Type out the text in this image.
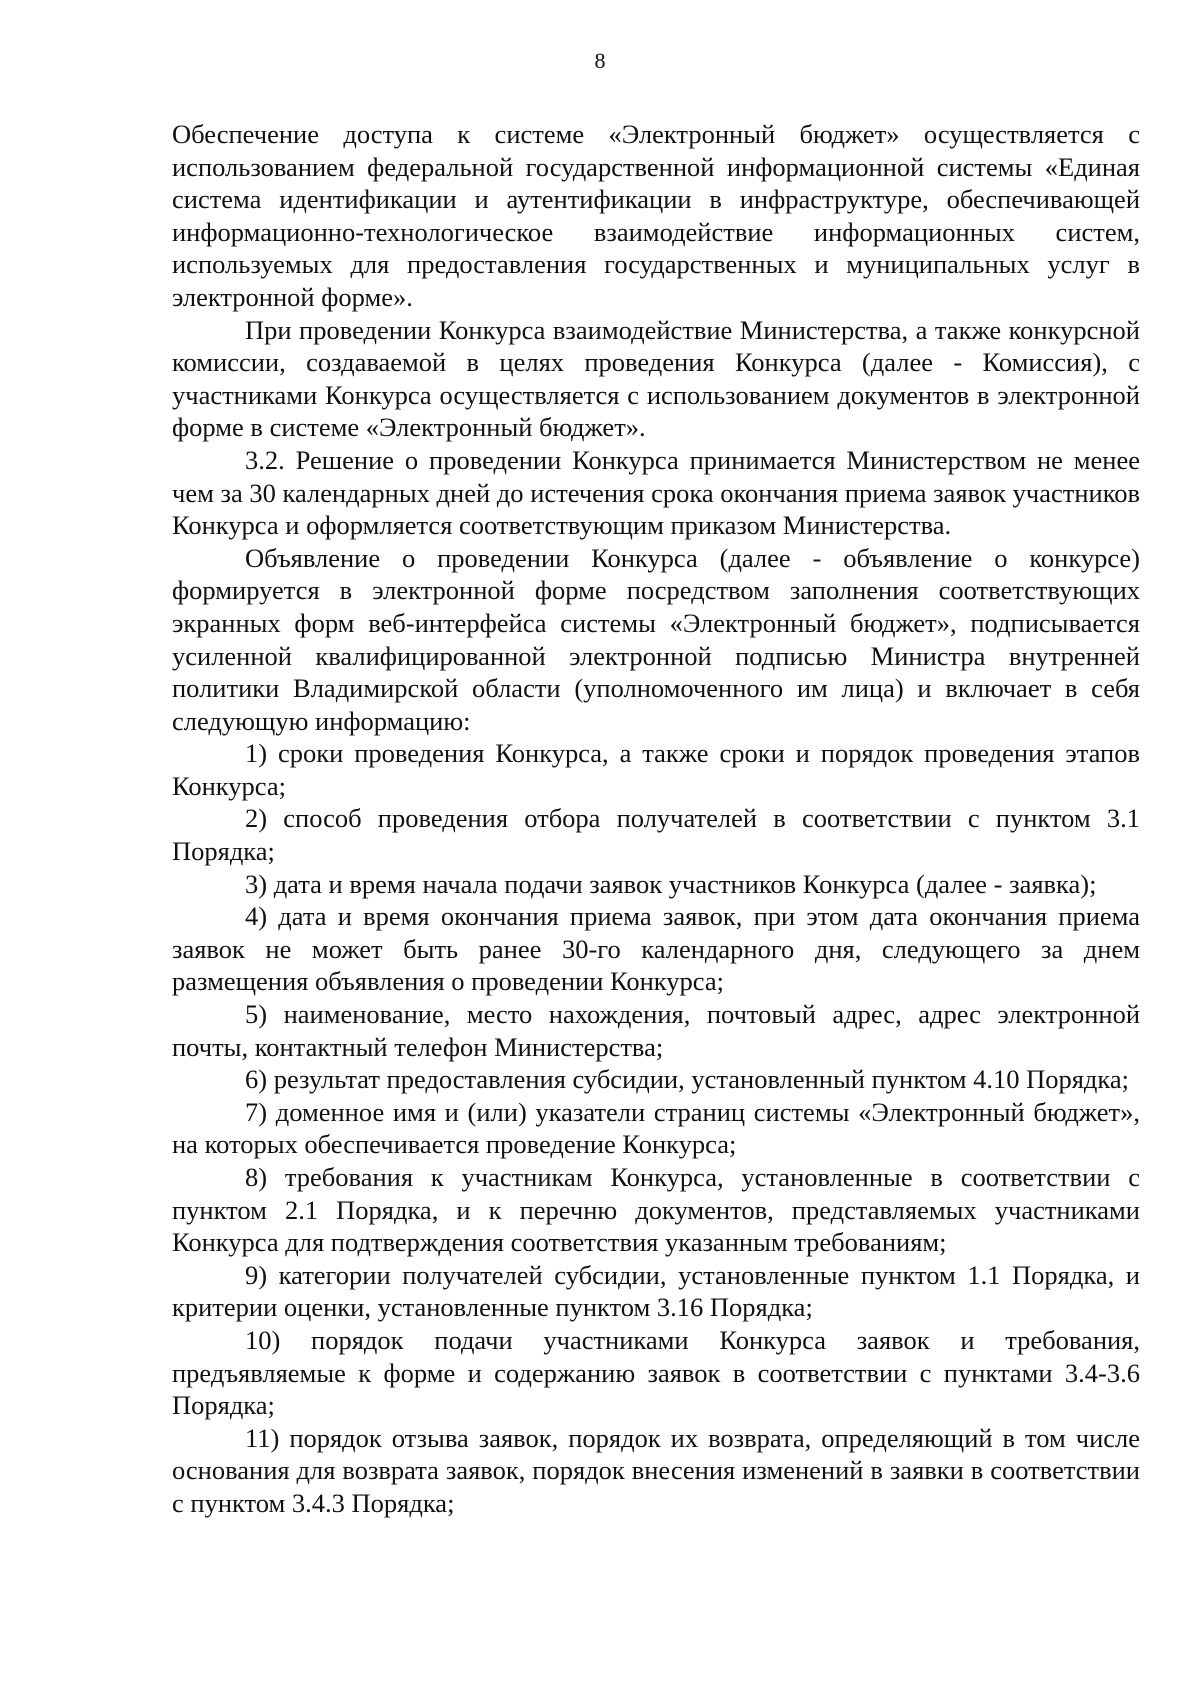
8

Обеспечение доступа к системе «Электронный бюджет» осуществляется с использованием федеральной государственной информационной системы «Единая система идентификации и аутентификации в инфраструктуре, обеспечивающей информационно-технологическое взаимодействие информационных систем, используемых для предоставления государственных и муниципальных услуг в электронной форме».

При проведении Конкурса взаимодействие Министерства, а также конкурсной комиссии, создаваемой в целях проведения Конкурса (далее - Комиссия), с участниками Конкурса осуществляется с использованием документов в электронной форме в системе «Электронный бюджет».

3.2. Решение о проведении Конкурса принимается Министерством не менее чем за 30 календарных дней до истечения срока окончания приема заявок участников Конкурса и оформляется соответствующим приказом Министерства.

Объявление о проведении Конкурса (далее - объявление о конкурсе) формируется в электронной форме посредством заполнения соответствующих экранных форм веб-интерфейса системы «Электронный бюджет», подписывается усиленной квалифицированной электронной подписью Министра внутренней политики Владимирской области (уполномоченного им лица) и включает в себя следующую информацию:

1) сроки проведения Конкурса, а также сроки и порядок проведения этапов Конкурса;

2) способ проведения отбора получателей в соответствии с пунктом 3.1 Порядка;

3) дата и время начала подачи заявок участников Конкурса (далее - заявка);

4) дата и время окончания приема заявок, при этом дата окончания приема заявок не может быть ранее 30-го календарного дня, следующего за днем размещения объявления о проведении Конкурса;

5) наименование, место нахождения, почтовый адрес, адрес электронной почты, контактный телефон Министерства;

6) результат предоставления субсидии, установленный пунктом 4.10 Порядка;

7) доменное имя и (или) указатели страниц системы «Электронный бюджет», на которых обеспечивается проведение Конкурса;

8) требования к участникам Конкурса, установленные в соответствии с пунктом 2.1 Порядка, и к перечню документов, представляемых участниками Конкурса для подтверждения соответствия указанным требованиям;

9) категории получателей субсидии, установленные пунктом 1.1 Порядка, и критерии оценки, установленные пунктом 3.16 Порядка;

10) порядок подачи участниками Конкурса заявок и требования, предъявляемые к форме и содержанию заявок в соответствии с пунктами 3.4-3.6 Порядка;

11) порядок отзыва заявок, порядок их возврата, определяющий в том числе основания для возврата заявок, порядок внесения изменений в заявки в соответствии с пунктом 3.4.3 Порядка;
